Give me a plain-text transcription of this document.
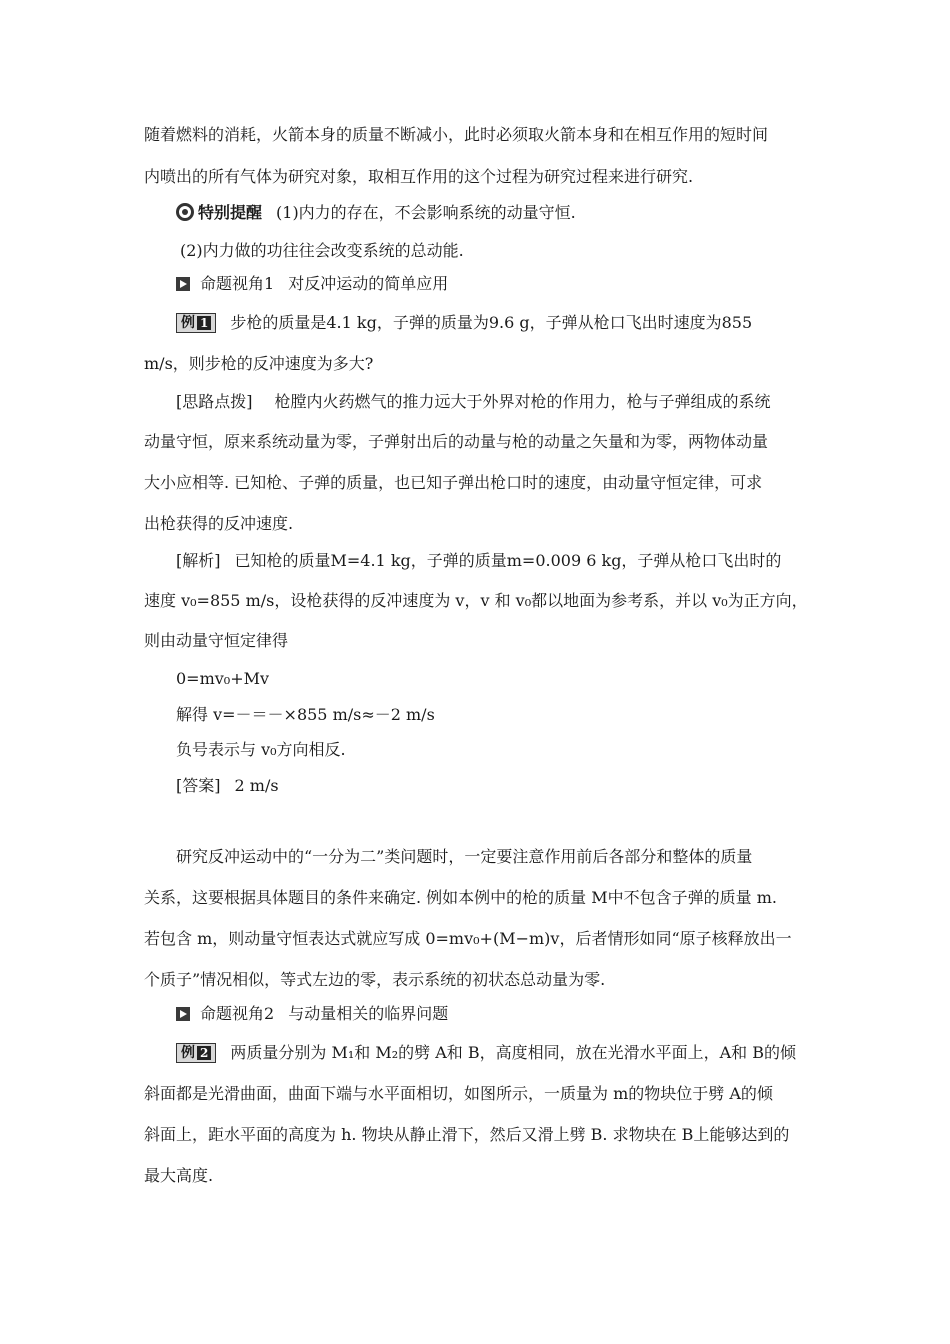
随着燃料的消耗，火箭本身的质量不断减小，此时必须取火箭本身和在相互作用的短时间
内喷出的所有气体为研究对象，取相互作用的这个过程为研究过程来进行研究.
特别提醒 (1)内力的存在，不会影响系统的动量守恒.
(2)内力做的功往往会改变系统的总动能.
命题视角1 对反冲运动的简单应用
例 1 步枪的质量是4.1 kg，子弹的质量为9.6 g，子弹从枪口飞出时速度为855
m/s，则步枪的反冲速度为多大?
[思路点拨] 枪膛内火药燃气的推力远大于外界对枪的作用力，枪与子弹组成的系统
动量守恒，原来系统动量为零，子弹射出后的动量与枪的动量之矢量和为零，两物体动量
大小应相等. 已知枪、子弹的质量，也已知子弹出枪口时的速度，由动量守恒定律，可求
出枪获得的反冲速度.
[解析] 已知枪的质量M=4.1 kg，子弹的质量m=0.009 6 kg，子弹从枪口飞出时的
速度 v₀=855 m/s，设枪获得的反冲速度为 v，v 和 v₀都以地面为参考系，并以 v₀为正方向，
则由动量守恒定律得
0=mv₀+Mv
解得 v=－＝－×855 m/s≈－2 m/s
负号表示与 v₀方向相反.
[答案] 2 m/s
研究反冲运动中的“一分为二”类问题时，一定要注意作用前后各部分和整体的质量
关系，这要根据具体题目的条件来确定. 例如本例中的枪的质量 M中不包含子弹的质量 m.
若包含 m，则动量守恒表达式就应写成 0=mv₀+(M−m)v，后者情形如同“原子核释放出一
个质子”情况相似，等式左边的零，表示系统的初状态总动量为零.
命题视角2 与动量相关的临界问题
例 2 两质量分别为 M₁和 M₂的劈 A和 B，高度相同，放在光滑水平面上，A和 B的倾
斜面都是光滑曲面，曲面下端与水平面相切，如图所示，一质量为 m的物块位于劈 A的倾
斜面上，距水平面的高度为 h. 物块从静止滑下，然后又滑上劈 B. 求物块在 B上能够达到的
最大高度.
